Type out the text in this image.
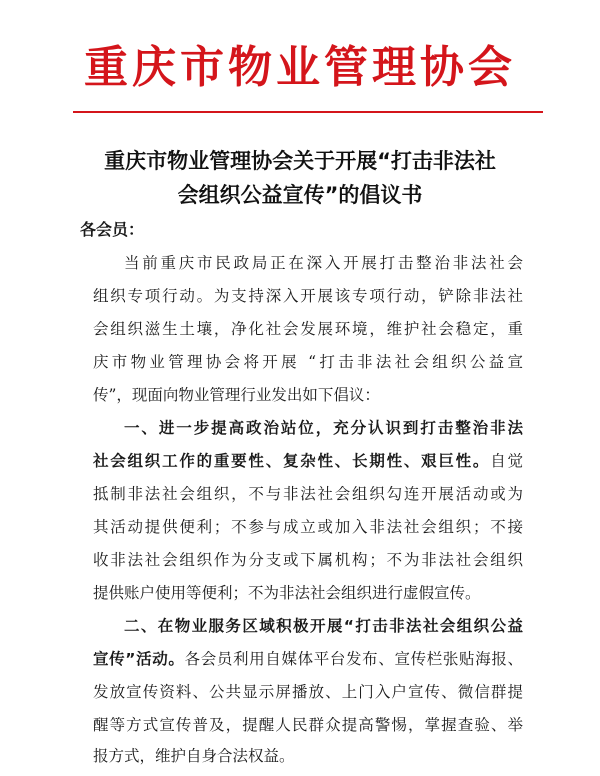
重庆市物业管理协会
重庆市物业管理协会关于开展“打击非法社
会组织公益宣传”的倡议书
各会员：
当前重庆市民政局正在深入开展打击整治非法社会
组织专项行动。为支持深入开展该专项行动，铲除非法社
会组织滋生土壤，净化社会发展环境，维护社会稳定，重
庆市物业管理协会将开展 “打击非法社会组织公益宣
传”，现面向物业管理行业发出如下倡议：
一、进一步提高政治站位，充分认识到打击整治非法
社会组织工作的重要性、复杂性、长期性、艰巨性。自觉
抵制非法社会组织，不与非法社会组织勾连开展活动或为
其活动提供便利；不参与成立或加入非法社会组织；不接
收非法社会组织作为分支或下属机构；不为非法社会组织
提供账户使用等便利；不为非法社会组织进行虚假宣传。
二、在物业服务区域积极开展“打击非法社会组织公益
宣传”活动。各会员利用自媒体平台发布、宣传栏张贴海报、
发放宣传资料、公共显示屏播放、上门入户宣传、微信群提
醒等方式宣传普及，提醒人民群众提高警惕，掌握查验、举
报方式，维护自身合法权益。
